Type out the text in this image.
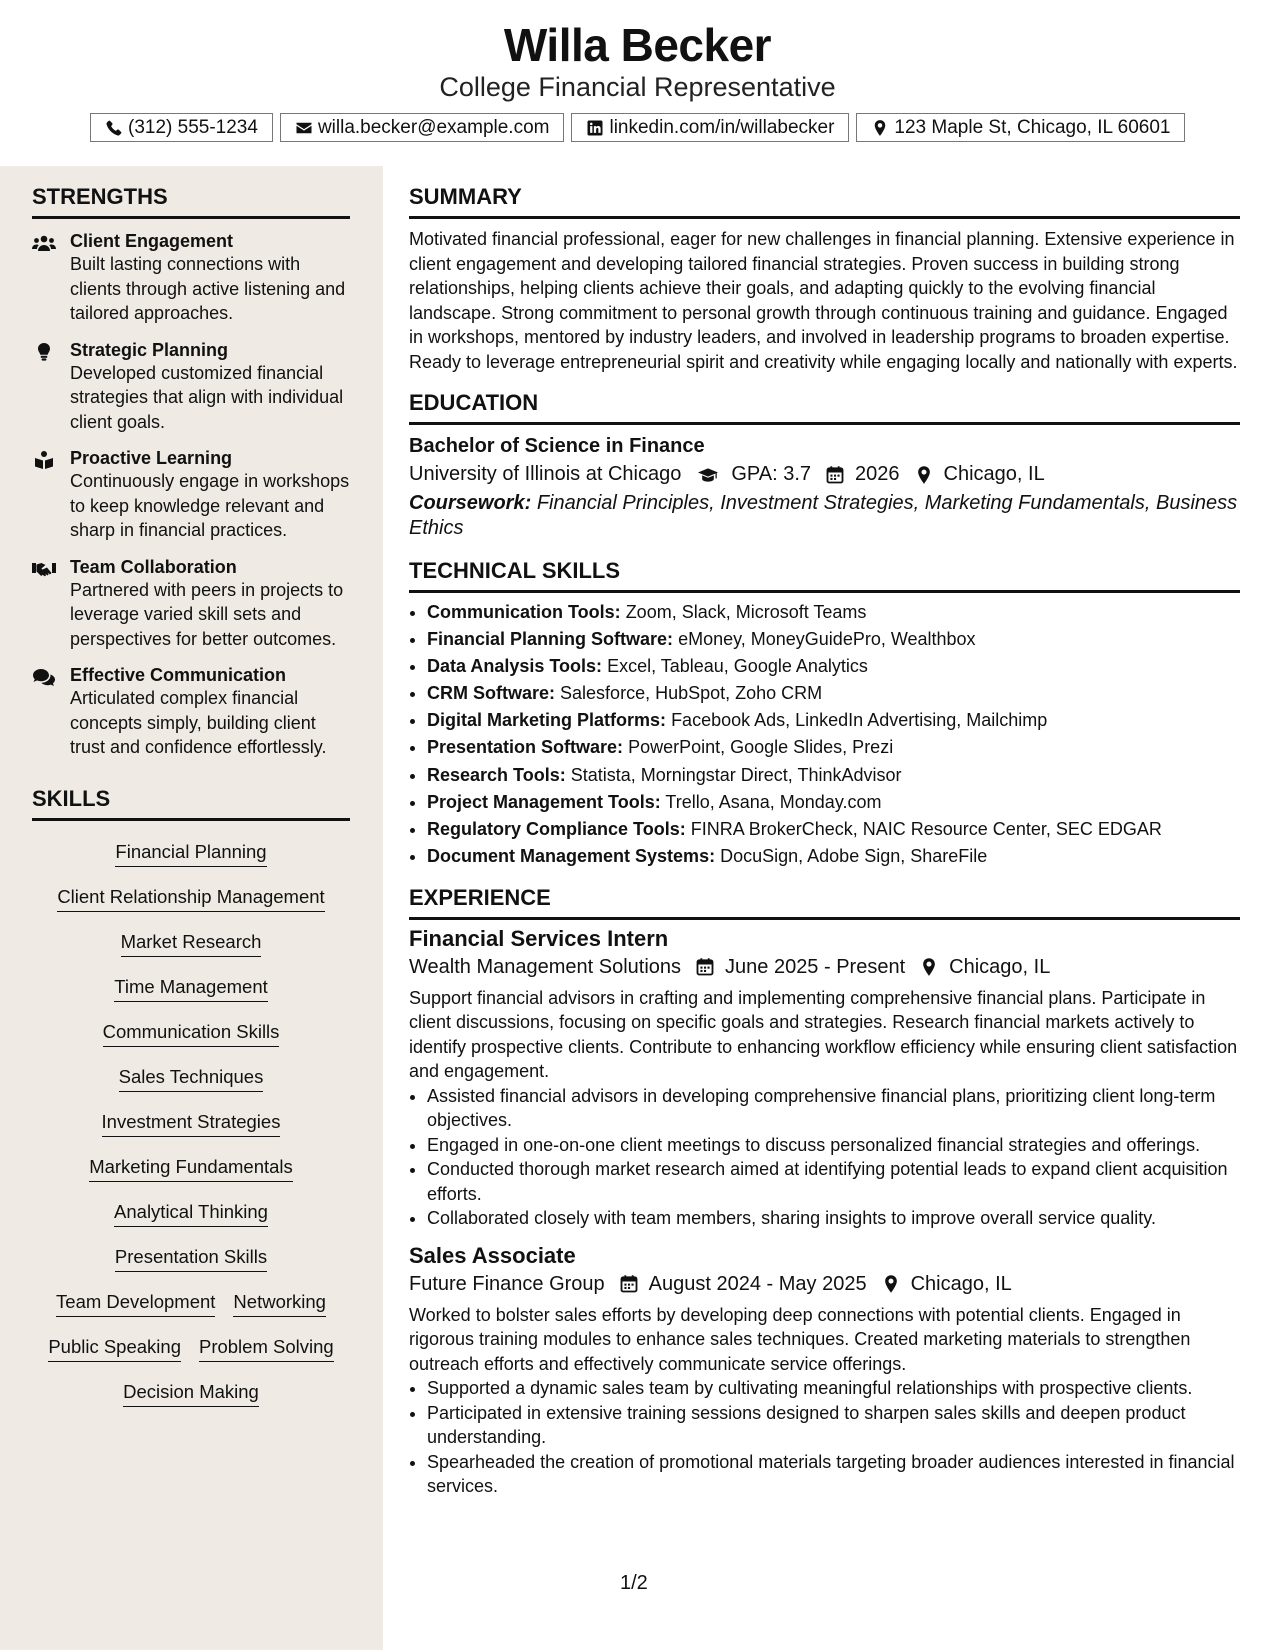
Willa Becker
College Financial Representative
(312) 555-1234	willa.becker@example.com	linkedin.com/in/willabecker	123 Maple St, Chicago, IL 60601
STRENGTHS
Client Engagement
Built lasting connections with clients through active listening and tailored approaches.
Strategic Planning
Developed customized financial strategies that align with individual client goals.
Proactive Learning
Continuously engage in workshops to keep knowledge relevant and sharp in financial practices.
Team Collaboration
Partnered with peers in projects to leverage varied skill sets and perspectives for better outcomes.
Effective Communication
Articulated complex financial concepts simply, building client trust and confidence effortlessly.
SKILLS
Financial Planning
Client Relationship Management
Market Research
Time Management
Communication Skills
Sales Techniques
Investment Strategies
Marketing Fundamentals
Analytical Thinking
Presentation Skills
Team Development Networking
Public Speaking Problem Solving
Decision Making
SUMMARY
Motivated financial professional, eager for new challenges in financial planning. Extensive experience in client engagement and developing tailored financial strategies. Proven success in building strong relationships, helping clients achieve their goals, and adapting quickly to the evolving financial landscape. Strong commitment to personal growth through continuous training and guidance. Engaged in workshops, mentored by industry leaders, and involved in leadership programs to broaden expertise. Ready to leverage entrepreneurial spirit and creativity while engaging locally and nationally with experts.
EDUCATION
Bachelor of Science in Finance
University of Illinois at Chicago	GPA: 3.7 2026 Chicago, IL
Coursework: Financial Principles, Investment Strategies, Marketing Fundamentals, Business Ethics
TECHNICAL SKILLS
• Communication Tools: Zoom, Slack, Microsoft Teams
• Financial Planning Software: eMoney, MoneyGuidePro, Wealthbox
• Data Analysis Tools: Excel, Tableau, Google Analytics
• CRM Software: Salesforce, HubSpot, Zoho CRM
• Digital Marketing Platforms: Facebook Ads, LinkedIn Advertising, Mailchimp
• Presentation Software: PowerPoint, Google Slides, Prezi
• Research Tools: Statista, Morningstar Direct, ThinkAdvisor
• Project Management Tools: Trello, Asana, Monday.com
• Regulatory Compliance Tools: FINRA BrokerCheck, NAIC Resource Center, SEC EDGAR
• Document Management Systems: DocuSign, Adobe Sign, ShareFile
EXPERIENCE
Financial Services Intern
Wealth Management Solutions June 2025 - Present Chicago, IL
Support financial advisors in crafting and implementing comprehensive financial plans. Participate in client discussions, focusing on specific goals and strategies. Research financial markets actively to identify prospective clients. Contribute to enhancing workflow efficiency while ensuring client satisfaction and engagement.
• Assisted financial advisors in developing comprehensive financial plans, prioritizing client long-term objectives.
• Engaged in one-on-one client meetings to discuss personalized financial strategies and offerings.
• Conducted thorough market research aimed at identifying potential leads to expand client acquisition efforts.
• Collaborated closely with team members, sharing insights to improve overall service quality.
Sales Associate
Future Finance Group August 2024 - May 2025 Chicago, IL
Worked to bolster sales efforts by developing deep connections with potential clients. Engaged in rigorous training modules to enhance sales techniques. Created marketing materials to strengthen outreach efforts and effectively communicate service offerings.
• Supported a dynamic sales team by cultivating meaningful relationships with prospective clients.
• Participated in extensive training sessions designed to sharpen sales skills and deepen product understanding.
• Spearheaded the creation of promotional materials targeting broader audiences interested in financial services.
1/2
